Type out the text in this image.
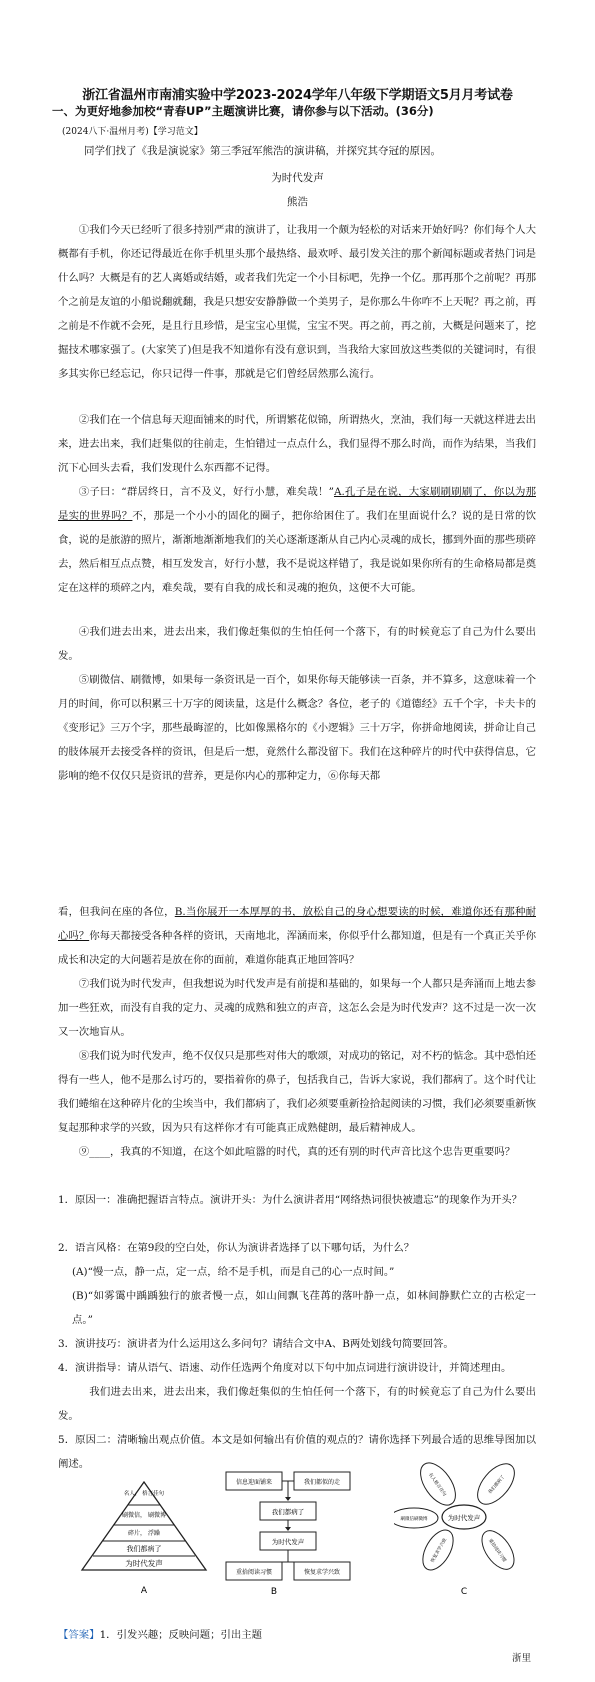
浙江省温州市南浦实验中学2023-2024学年八年级下学期语文5月月考试卷
一、为更好地参加校“青春UP”主题演讲比赛，请你参与以下活动。(36分)
(2024八下·温州月考)【学习范文】
同学们找了《我是演说家》第三季冠军熊浩的演讲稿，并探究其夺冠的原因。
为时代发声
熊浩

①我们今天已经听了很多持别严肃的演讲了，让我用一个颇为轻松的对话来开始好吗？你们每个人大概都有手机，你还记得最近在你手机里头那个最热络、最欢呼、最引发关注的那个新闻标题或者热门词是什么吗？大概是有的艺人离婚或结婚，或者我们先定一个小目标吧，先挣一个亿。那再那个之前呢？再那个之前是友谊的小船说翻就翻，我是只想安安静静做一个美男子，是你那么牛你咋不上天呢？再之前，再之前是不作就不会死，是且行且珍惜，是宝宝心里慌，宝宝不哭。再之前，再之前，大概是问题来了，挖掘技术哪家强了。(大家笑了)但是我不知道你有没有意识到，当我给大家回放这些类似的关键词时，有很多其实你已经忘记，你只记得一件事，那就是它们曾经居然那么流行。

②我们在一个信息每天迎面铺来的时代，所谓繁花似锦，所谓热火，烹油，我们每一天就这样进去出来，进去出来，我们赶集似的往前走，生怕错过一点点什么，我们显得不那么时尚，而作为结果，当我们沉下心回头去看，我们发现什么东西都不记得。

③子曰：“群居终日，言不及义，好行小慧，难矣哉！”A.孔子是在说，大家刷刷刷刷了，你以为那是实的世界吗？不，那是一个小小的固化的圈子，把你给困住了。我们在里面说什么？说的是日常的饮食，说的是旅游的照片，渐渐地渐渐地我们的关心逐渐逐渐从自己内心灵魂的成长，挪到外面的那些琐碎去，然后相互点点赞，相互发发言，好行小慧，我不是说这样错了，我是说如果你所有的生命格局都是奠定在这样的琐碎之内，难矣哉，要有自我的成长和灵魂的抱负，这便不大可能。

④我们进去出来，进去出来，我们像赶集似的生怕任何一个落下，有的时候竟忘了自己为什么要出发。

⑤刷微信、刷微博，如果每一条资讯是一百个，如果你每天能够读一百条，并不算多，这意味着一个月的时间，你可以积累三十万字的阅读量，这是什么概念？各位，老子的《道德经》五千个字，卡夫卡的《变形记》三万个字，那些最晦涩的，比如像黑格尔的《小逻辑》三十万字，你拼命地阅读，拼命让自己的肢体展开去接受各样的资讯，但是后一想，竟然什么都没留下。我们在这种碎片的时代中获得信息，它影响的绝不仅仅只是资讯的营养，更是你内心的那种定力，⑥你每天都

看，但我问在座的各位，B.当你展开一本厚厚的书，放松自己的身心想要读的时候，难道你还有那种耐心吗？你每天都接受各种各样的资讯，天南地北，浑涵而来，你似乎什么都知道，但是有一个真正关乎你成长和决定的大问题若是放在你的面前，难道你能真正地回答吗？

⑦我们说为时代发声，但我想说为时代发声是有前提和基础的，如果每一个人都只是奔涌而上地去参加一些狂欢，而没有自我的定力、灵魂的成熟和独立的声音，这怎么会是为时代发声？这不过是一次一次又一次地盲从。

⑧我们说为时代发声，绝不仅仅只是那些对伟大的歌颂，对成功的铭记，对不朽的惦念。其中恐怕还得有一些人，他不是那么讨巧的，要指着你的鼻子，包括我自己，告诉大家说，我们都病了。这个时代让我们蜷缩在这种碎片化的尘埃当中，我们都病了，我们必须要重新捡拾起阅读的习惯，我们必须要重新恢复起那种求学的兴致，因为只有这样你才有可能真正成熟健朗，最后精神成人。

⑨____，我真的不知道，在这个如此喧嚣的时代，真的还有别的时代声音比这个忠告更重要吗？

1．原因一：准确把握语言特点。演讲开头：为什么演讲者用“网络热词很快被遗忘”的现象作为开头？

2．语言风格：在第9段的空白处，你认为演讲者选择了以下哪句话，为什么？

(A)“慢一点，静一点，定一点，给不是手机，而是自己的心一点时间。”

(B)“如雾霭中踽踽独行的旅者慢一点，如山间飘飞荏苒的落叶静一点，如林间静默伫立的古松定一点。”

3．演讲技巧：演讲者为什么运用这么多问句？请结合文中A、B两处划线句简要回答。

4．演讲指导：请从语气、语速、动作任选两个角度对以下句中加点词进行演讲设计，并简述理由。

我们进去出来，进去出来，我们像赶集似的生怕任何一个落下，有的时候竟忘了自己为什么要出发。

5．原因二：清晰输出观点价值。本文是如何输出有价值的观点的？请你选择下列最合适的思维导图加以阐述。

名人， 格言佳句
刷微信， 刷微博
碎片， 浮躁
我们都病了
为时代发声
A
信息迎面铺来	我们都似的走
我们都病了
为时代发声
重拾阅读习惯	恢复求学兴致
B
为时代发声
名人格言佳句	我们都病了
刷微信刷微博
恢复求学兴致	重拾阅读习惯
C
【答案】1．引发兴趣；反映问题；引出主题
浙里
